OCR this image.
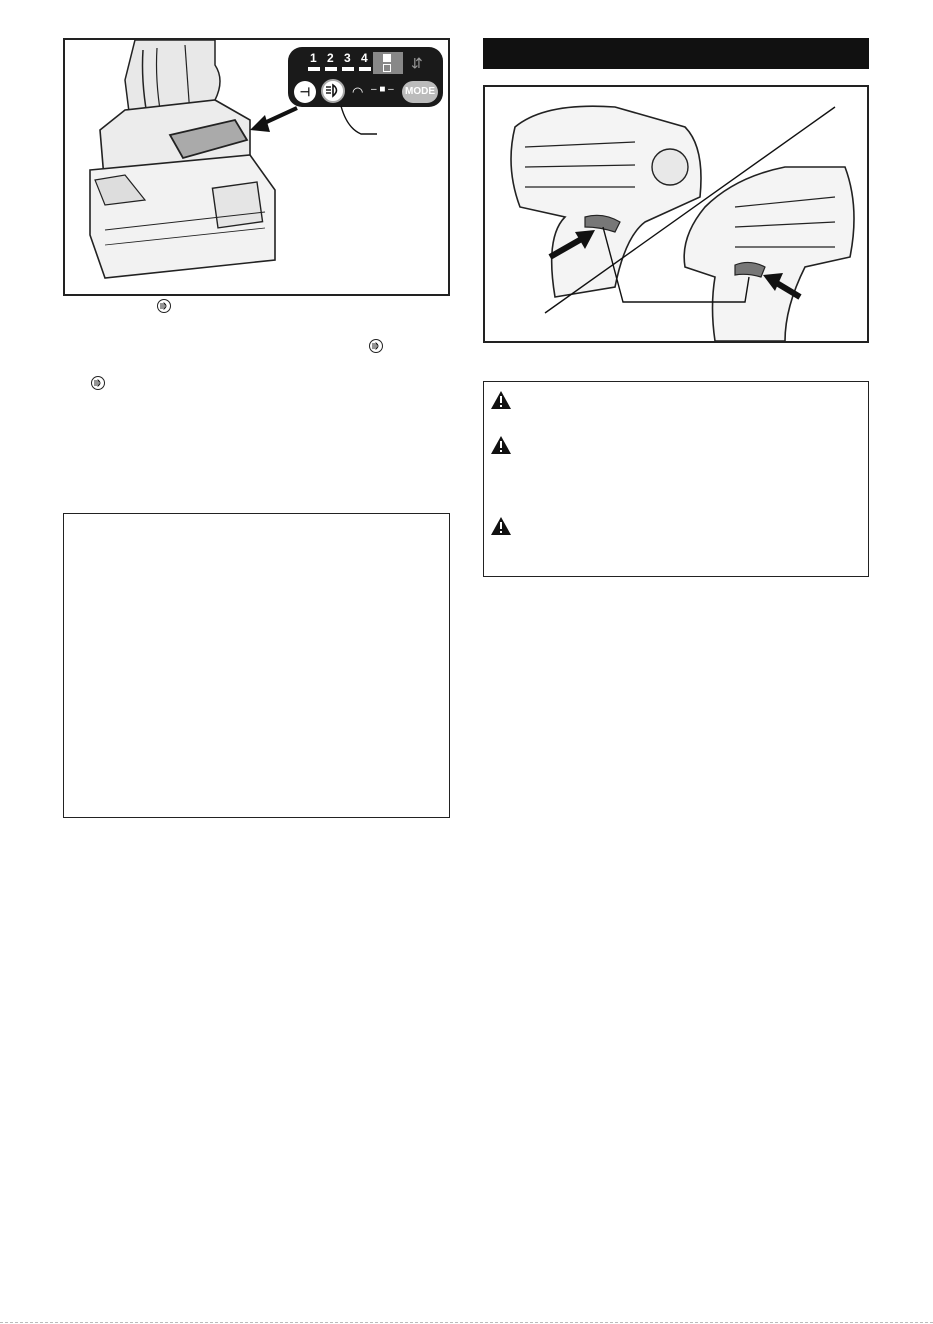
1 2 3 4	⇵
⊣	◠ – ■ –	MODE
